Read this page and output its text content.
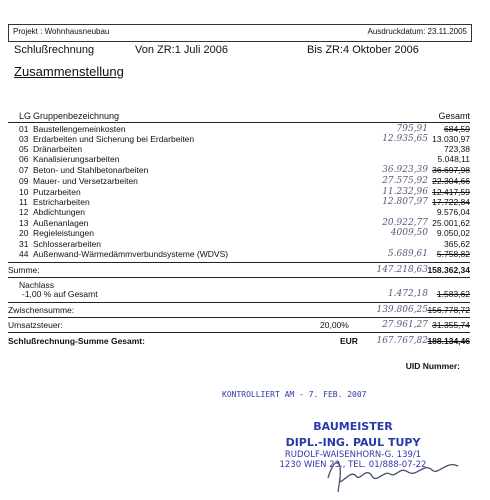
Projekt : Wohnhausneubau	Ausdruckdatum: 23.11.2005
Schlußrechnung	Von ZR:1 Juli 2006	Bis ZR:4 Oktober 2006
Zusammenstellung
LG Gruppenbezeichnung	Gesamt
01 Baustellengemeinkosten	795,91 684,59
03 Erdarbeiten und Sicherung bei Erdarbeiten	12.935,65 13.030,97
05 Dränarbeiten	723,38
06 Kanalisierungsarbeiten	5.048,11
07 Beton- und Stahlbetonarbeiten	36.923,39 36.697,98
09 Mauer- und Versetzarbeiten	27.575,92 22.304,66
10 Putzarbeiten	11.232,96 12.417,59
11 Estricharbeiten	12.807,97 17.722,84
12 Abdichtungen	9.576,04
13 Außenanlagen	20.922,77 25.001,62
20 Regieleistungen	4009,50 9.050,02
31 Schlosserarbeiten	365,62
44 Außenwand-Wärmedämmverbundsysteme (WDVS)	5.689,61 5.758,82
Summe:	147.218,63 158.362,34
Nachlass
-1,00 % auf Gesamt	1.472,18 1.583,62
Zwischensumme:	139.806,25 156.778,72
Umsatzsteuer:	20,00%	27.961,27 31.355,74
Schlußrechnung-Summe Gesamt:	EUR 167.767,82 188.134,46
UID Nummer:
KONTROLLIERT AM - 7. FEB. 2007
BAUMEISTER
DIPL.-ING. PAUL TUPY
RUDOLF-WAISENHORN-G. 139/1
1230 WIEN 23., TEL. 01/888-07-22
